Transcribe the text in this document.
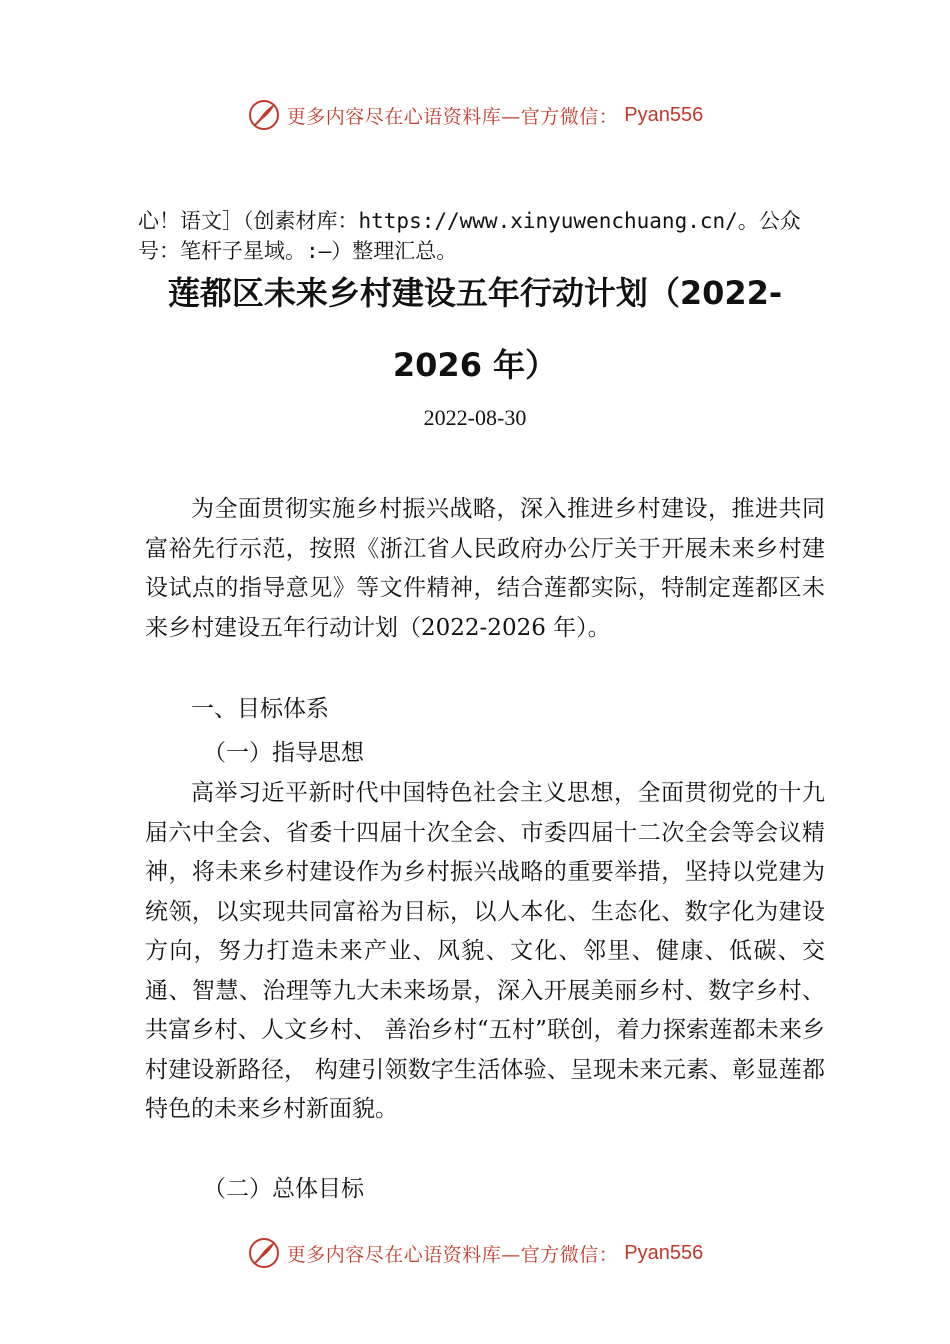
更多内容尽在心语资料库—官方微信： Pyan556
心！语文］（创素材库：https://www.xinyuwenchuang.cn/。公众号：笔杆子星域。:—）整理汇总。
莲都区未来乡村建设五年行动计划（2022-
2026 年）
2022-08-30
为全面贯彻实施乡村振兴战略，深入推进乡村建设，推进共同富裕先行示范，按照《浙江省人民政府办公厅关于开展未来乡村建设试点的指导意见》等文件精神，结合莲都实际，特制定莲都区未来乡村建设五年行动计划（2022-2026 年）。
一、目标体系
（一）指导思想
高举习近平新时代中国特色社会主义思想，全面贯彻党的十九届六中全会、省委十四届十次全会、市委四届十二次全会等会议精神，将未来乡村建设作为乡村振兴战略的重要举措，坚持以党建为统领，以实现共同富裕为目标，以人本化、生态化、数字化为建设方向，努力打造未来产业、风貌、文化、邻里、健康、低碳、交通、智慧、治理等九大未来场景，深入开展美丽乡村、数字乡村、共富乡村、人文乡村、 善治乡村“五村”联创，着力探索莲都未来乡村建设新路径， 构建引领数字生活体验、呈现未来元素、彰显莲都特色的未来乡村新面貌。
（二）总体目标
更多内容尽在心语资料库—官方微信： Pyan556
